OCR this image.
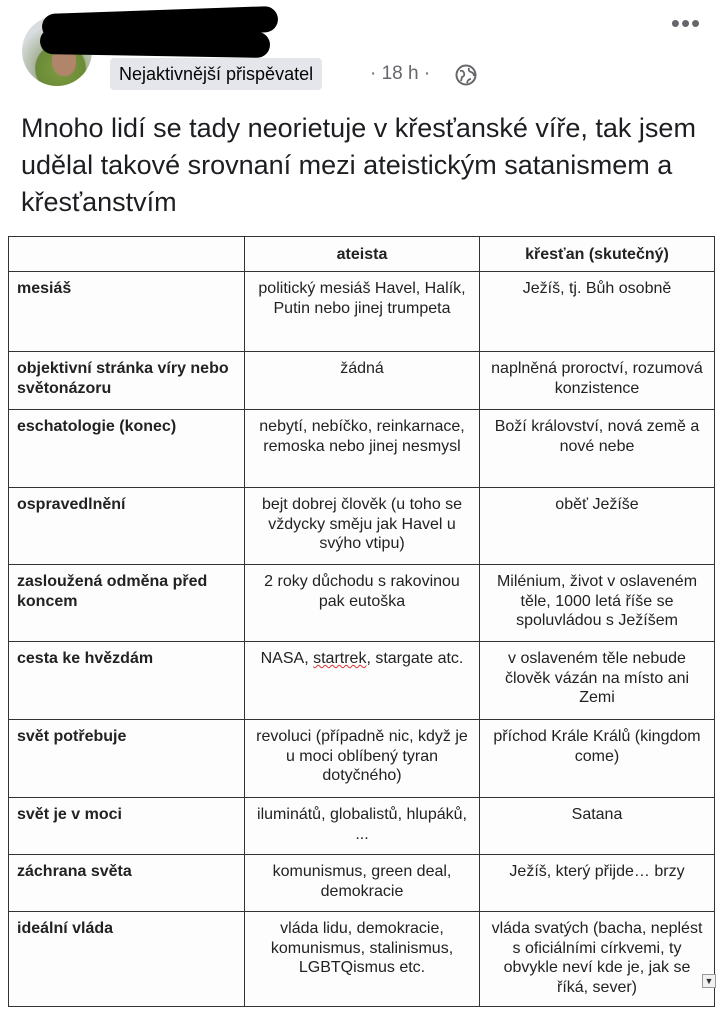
Nejaktivnější přispěvatel	· 18 h ·
•••
Mnoho lidí se tady neorietuje v křesťanské víře, tak jsem udělal takové srovnaní mezi ateistickým satanismem a křesťanstvím
	ateista	křesťan (skutečný)
mesiáš	politický mesiáš Havel, Halík, Putin nebo jinej trumpeta	Ježíš, tj. Bůh osobně
objektivní stránka víry nebo světonázoru	žádná	naplněná proroctví, rozumová konzistence
eschatologie (konec)	nebytí, nebíčko, reinkarnace, remoska nebo jinej nesmysl	Boží království, nová země a nové nebe
ospravedlnění	bejt dobrej člověk (u toho se vždycky směju jak Havel u svýho vtipu)	oběť Ježíše
zasloužená odměna před koncem	2 roky důchodu s rakovinou pak eutoška	Milénium, život v oslaveném těle, 1000 letá říše se spoluvládou s Ježíšem
cesta ke hvězdám	NASA, startrek, stargate atc.	v oslaveném těle nebude člověk vázán na místo ani Zemi
svět potřebuje	revoluci (případně nic, když je u moci oblíbený tyran dotyčného)	příchod Krále Králů (kingdom come)
svět je v moci	iluminátů, globalistů, hlupáků, ...	Satana
záchrana světa	komunismus, green deal, demokracie	Ježíš, který přijde… brzy
ideální vláda	vláda lidu, demokracie, komunismus, stalinismus, LGBTQismus etc.	vláda svatých (bacha, neplést s oficiálními církvemi, ty obvykle neví kde je, jak se říká, sever)	▼
